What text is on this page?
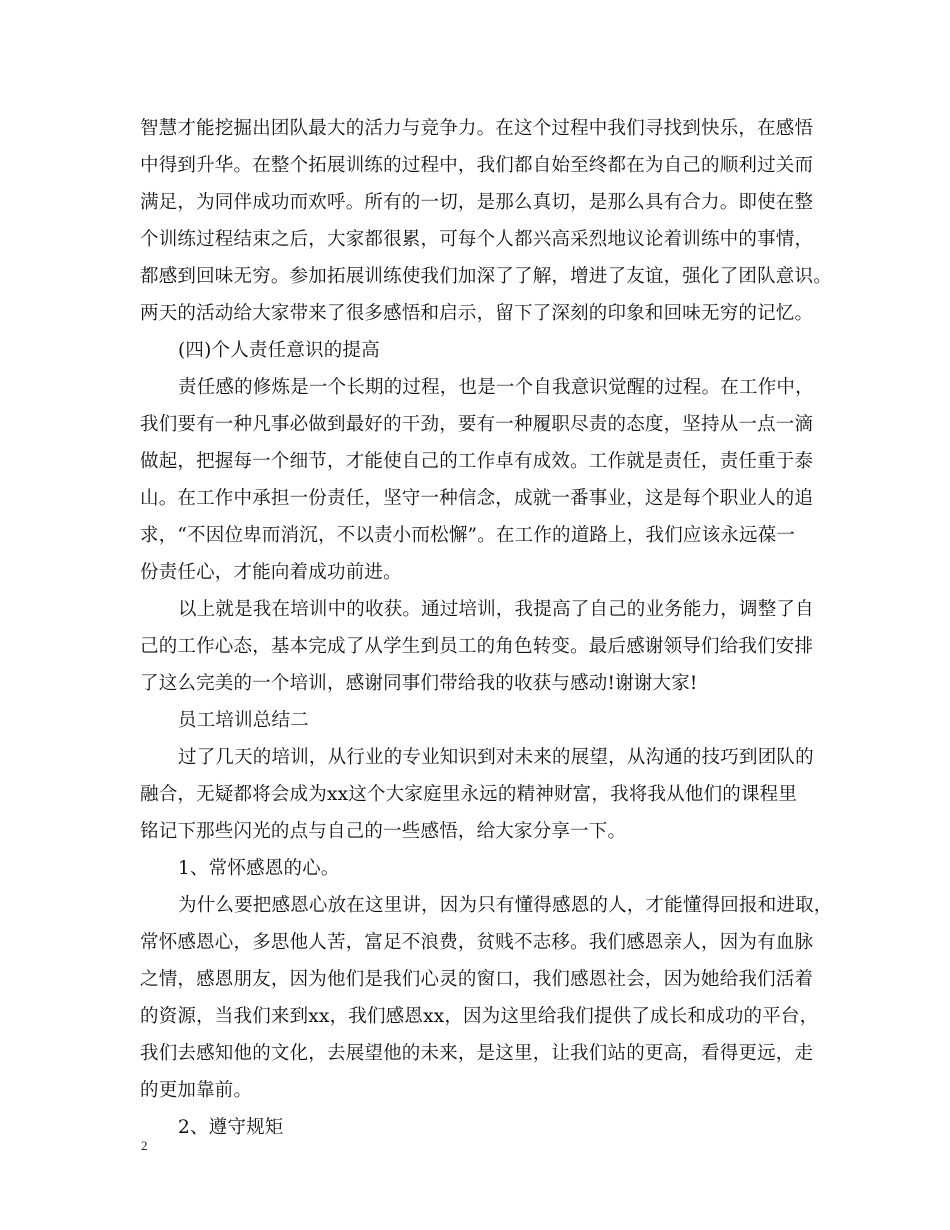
智慧才能挖掘出团队最大的活力与竞争力。在这个过程中我们寻找到快乐，在感悟
中得到升华。在整个拓展训练的过程中，我们都自始至终都在为自己的顺利过关而
满足，为同伴成功而欢呼。所有的一切，是那么真切，是那么具有合力。即使在整
个训练过程结束之后，大家都很累，可每个人都兴高采烈地议论着训练中的事情，
都感到回味无穷。参加拓展训练使我们加深了了解，增进了友谊，强化了团队意识。
两天的活动给大家带来了很多感悟和启示，留下了深刻的印象和回味无穷的记忆。
(四)个人责任意识的提高
责任感的修炼是一个长期的过程，也是一个自我意识觉醒的过程。在工作中，
我们要有一种凡事必做到最好的干劲，要有一种履职尽责的态度，坚持从一点一滴
做起，把握每一个细节，才能使自己的工作卓有成效。工作就是责任，责任重于泰
山。在工作中承担一份责任，坚守一种信念，成就一番事业，这是每个职业人的追
求，“不因位卑而消沉，不以责小而松懈”。在工作的道路上，我们应该永远葆一
份责任心，才能向着成功前进。
以上就是我在培训中的收获。通过培训，我提高了自己的业务能力，调整了自
己的工作心态，基本完成了从学生到员工的角色转变。最后感谢领导们给我们安排
了这么完美的一个培训，感谢同事们带给我的收获与感动!谢谢大家!
员工培训总结二
过了几天的培训，从行业的专业知识到对未来的展望，从沟通的技巧到团队的
融合，无疑都将会成为xx这个大家庭里永远的精神财富，我将我从他们的课程里
铭记下那些闪光的点与自己的一些感悟，给大家分享一下。
1、常怀感恩的心。
为什么要把感恩心放在这里讲，因为只有懂得感恩的人，才能懂得回报和进取，
常怀感恩心，多思他人苦，富足不浪费，贫贱不志移。我们感恩亲人，因为有血脉
之情，感恩朋友，因为他们是我们心灵的窗口，我们感恩社会，因为她给我们活着
的资源，当我们来到xx，我们感恩xx，因为这里给我们提供了成长和成功的平台，
我们去感知他的文化，去展望他的未来，是这里，让我们站的更高，看得更远，走
的更加靠前。
2、遵守规矩
2
